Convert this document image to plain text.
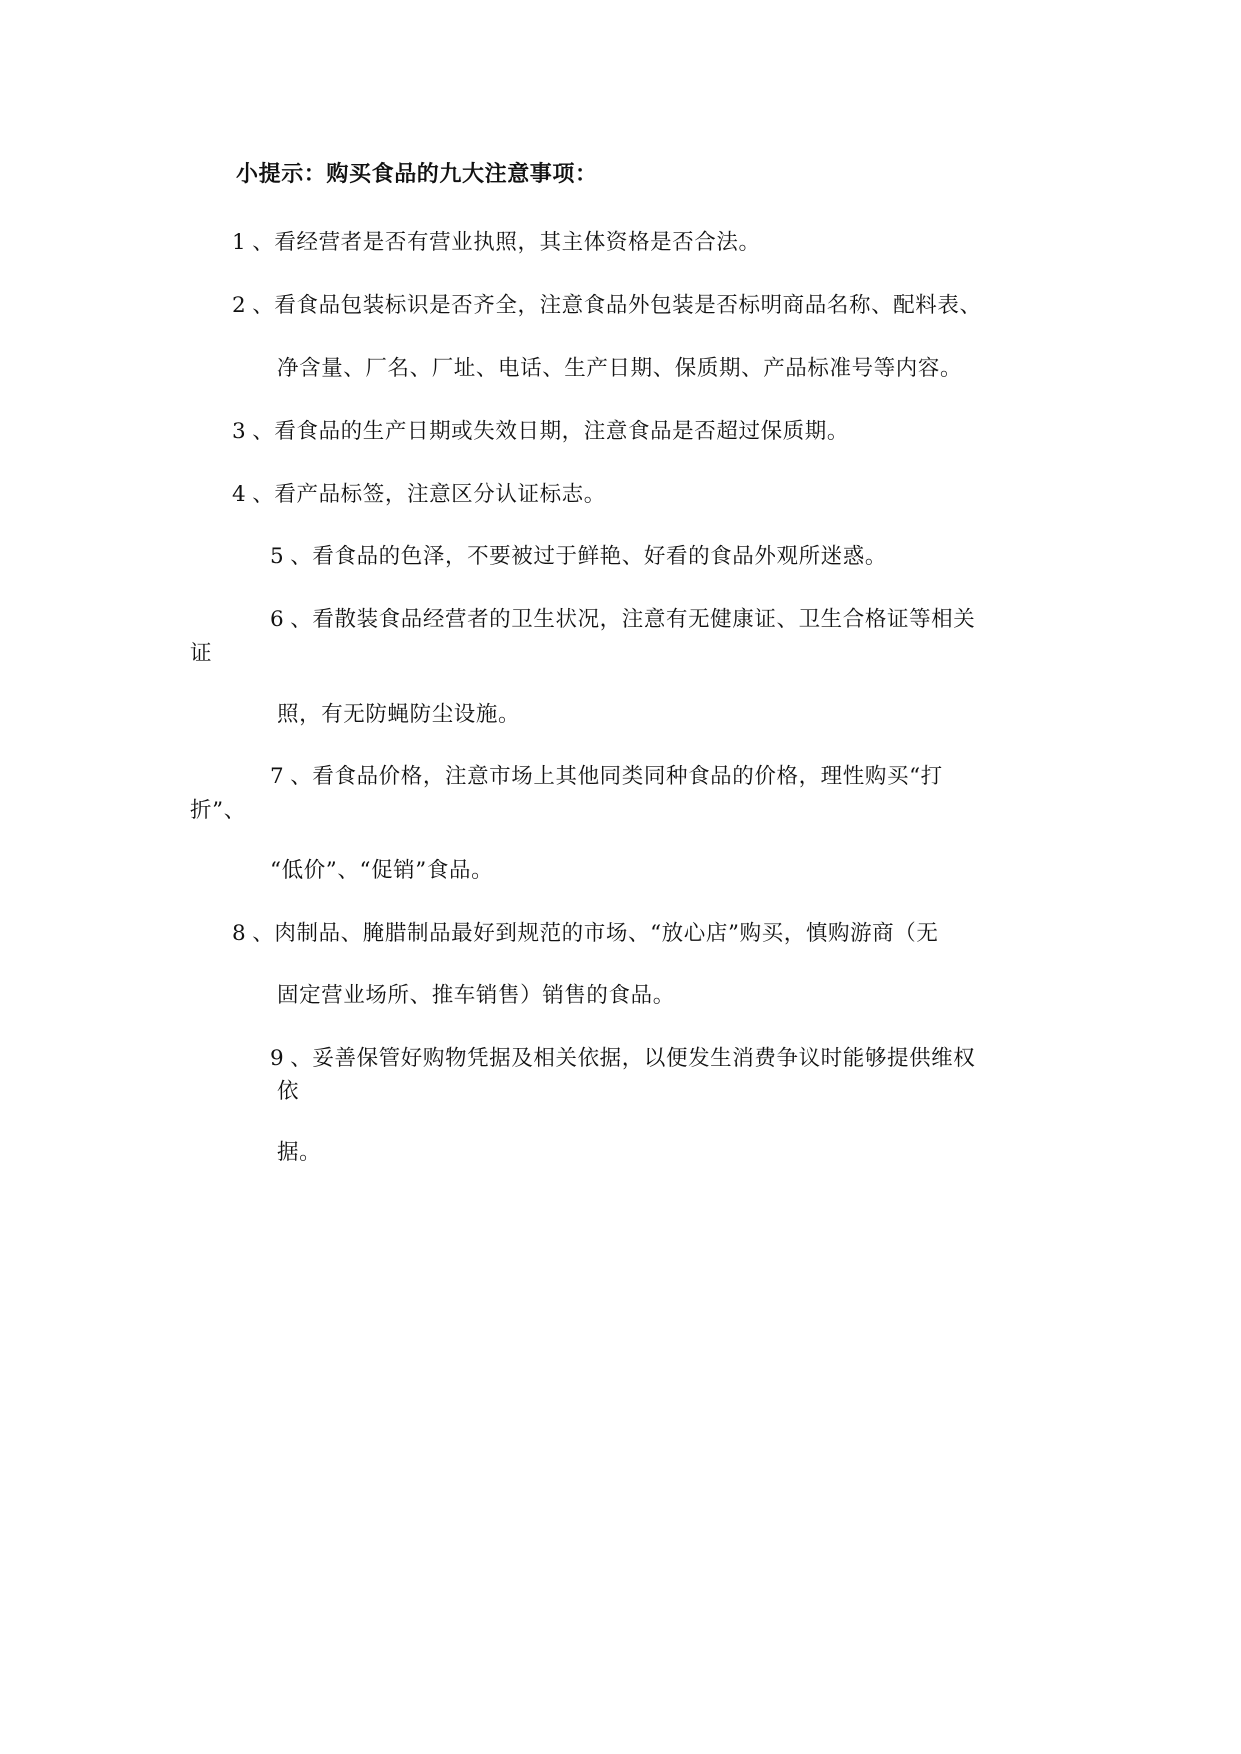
小提示：购买食品的九大注意事项：
1 、看经营者是否有营业执照，其主体资格是否合法。
2 、看食品包装标识是否齐全，注意食品外包装是否标明商品名称、配料表、
净含量、厂名、厂址、电话、生产日期、保质期、产品标准号等内容。
3 、看食品的生产日期或失效日期，注意食品是否超过保质期。
4 、看产品标签，注意区分认证标志。
5 、看食品的色泽，不要被过于鲜艳、好看的食品外观所迷惑。
6 、看散装食品经营者的卫生状况，注意有无健康证、卫生合格证等相关
证
照，有无防蝇防尘设施。
7 、看食品价格，注意市场上其他同类同种食品的价格，理性购买“打
折”、
“低价”、“促销”食品。
8 、肉制品、腌腊制品最好到规范的市场、“放心店”购买，慎购游商（无
固定营业场所、推车销售）销售的食品。
9 、妥善保管好购物凭据及相关依据，以便发生消费争议时能够提供维权
依
据。
